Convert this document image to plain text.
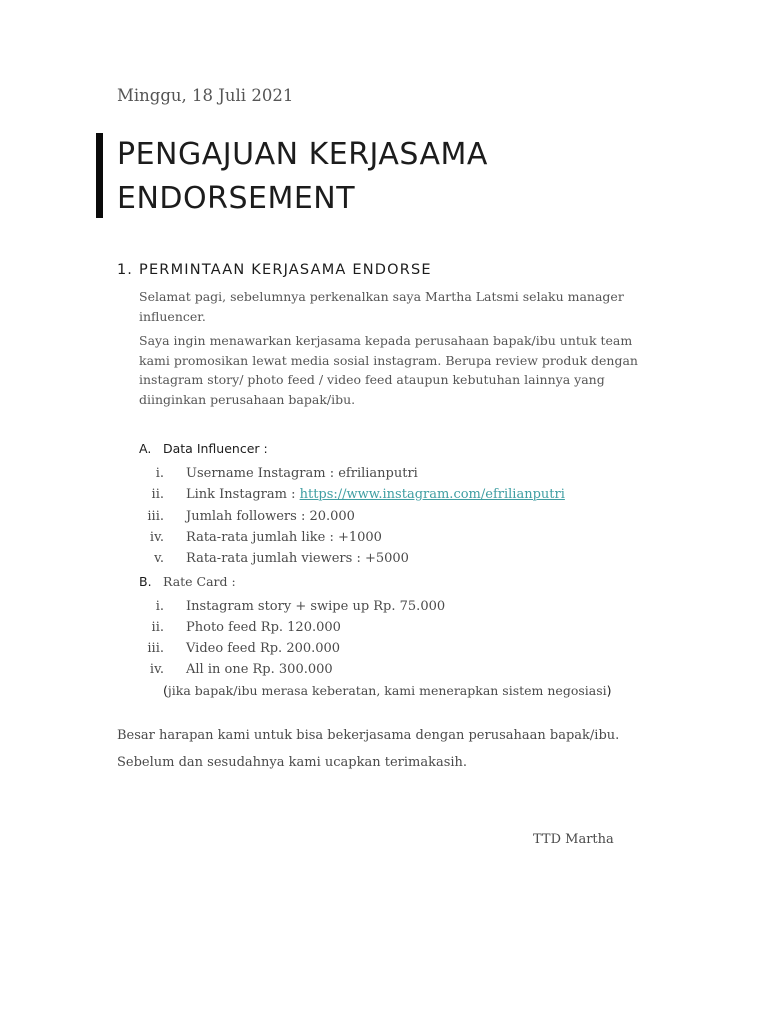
Minggu, 18 Juli 2021
PENGAJUAN KERJASAMA
ENDORSEMENT
1. PERMINTAAN KERJASAMA ENDORSE
Selamat pagi, sebelumnya perkenalkan saya Martha Latsmi selaku manager influencer.
Saya ingin menawarkan kerjasama kepada perusahaan bapak/ibu untuk team kami promosikan lewat media sosial instagram. Berupa review produk dengan instagram story/ photo feed / video feed ataupun kebutuhan lainnya yang diinginkan perusahaan bapak/ibu.
A. Data Influencer :
i. Username Instagram : efrilianputri
ii. Link Instagram : https://www.instagram.com/efrilianputri
iii. Jumlah followers : 20.000
iv. Rata-rata jumlah like : +1000
v. Rata-rata jumlah viewers : +5000
B. Rate Card :
i. Instagram story + swipe up Rp. 75.000
ii. Photo feed Rp. 120.000
iii. Video feed Rp. 200.000
iv. All in one Rp. 300.000
(jika bapak/ibu merasa keberatan, kami menerapkan sistem negosiasi)
Besar harapan kami untuk bisa bekerjasama dengan perusahaan bapak/ibu.
Sebelum dan sesudahnya kami ucapkan terimakasih.
TTD Martha
